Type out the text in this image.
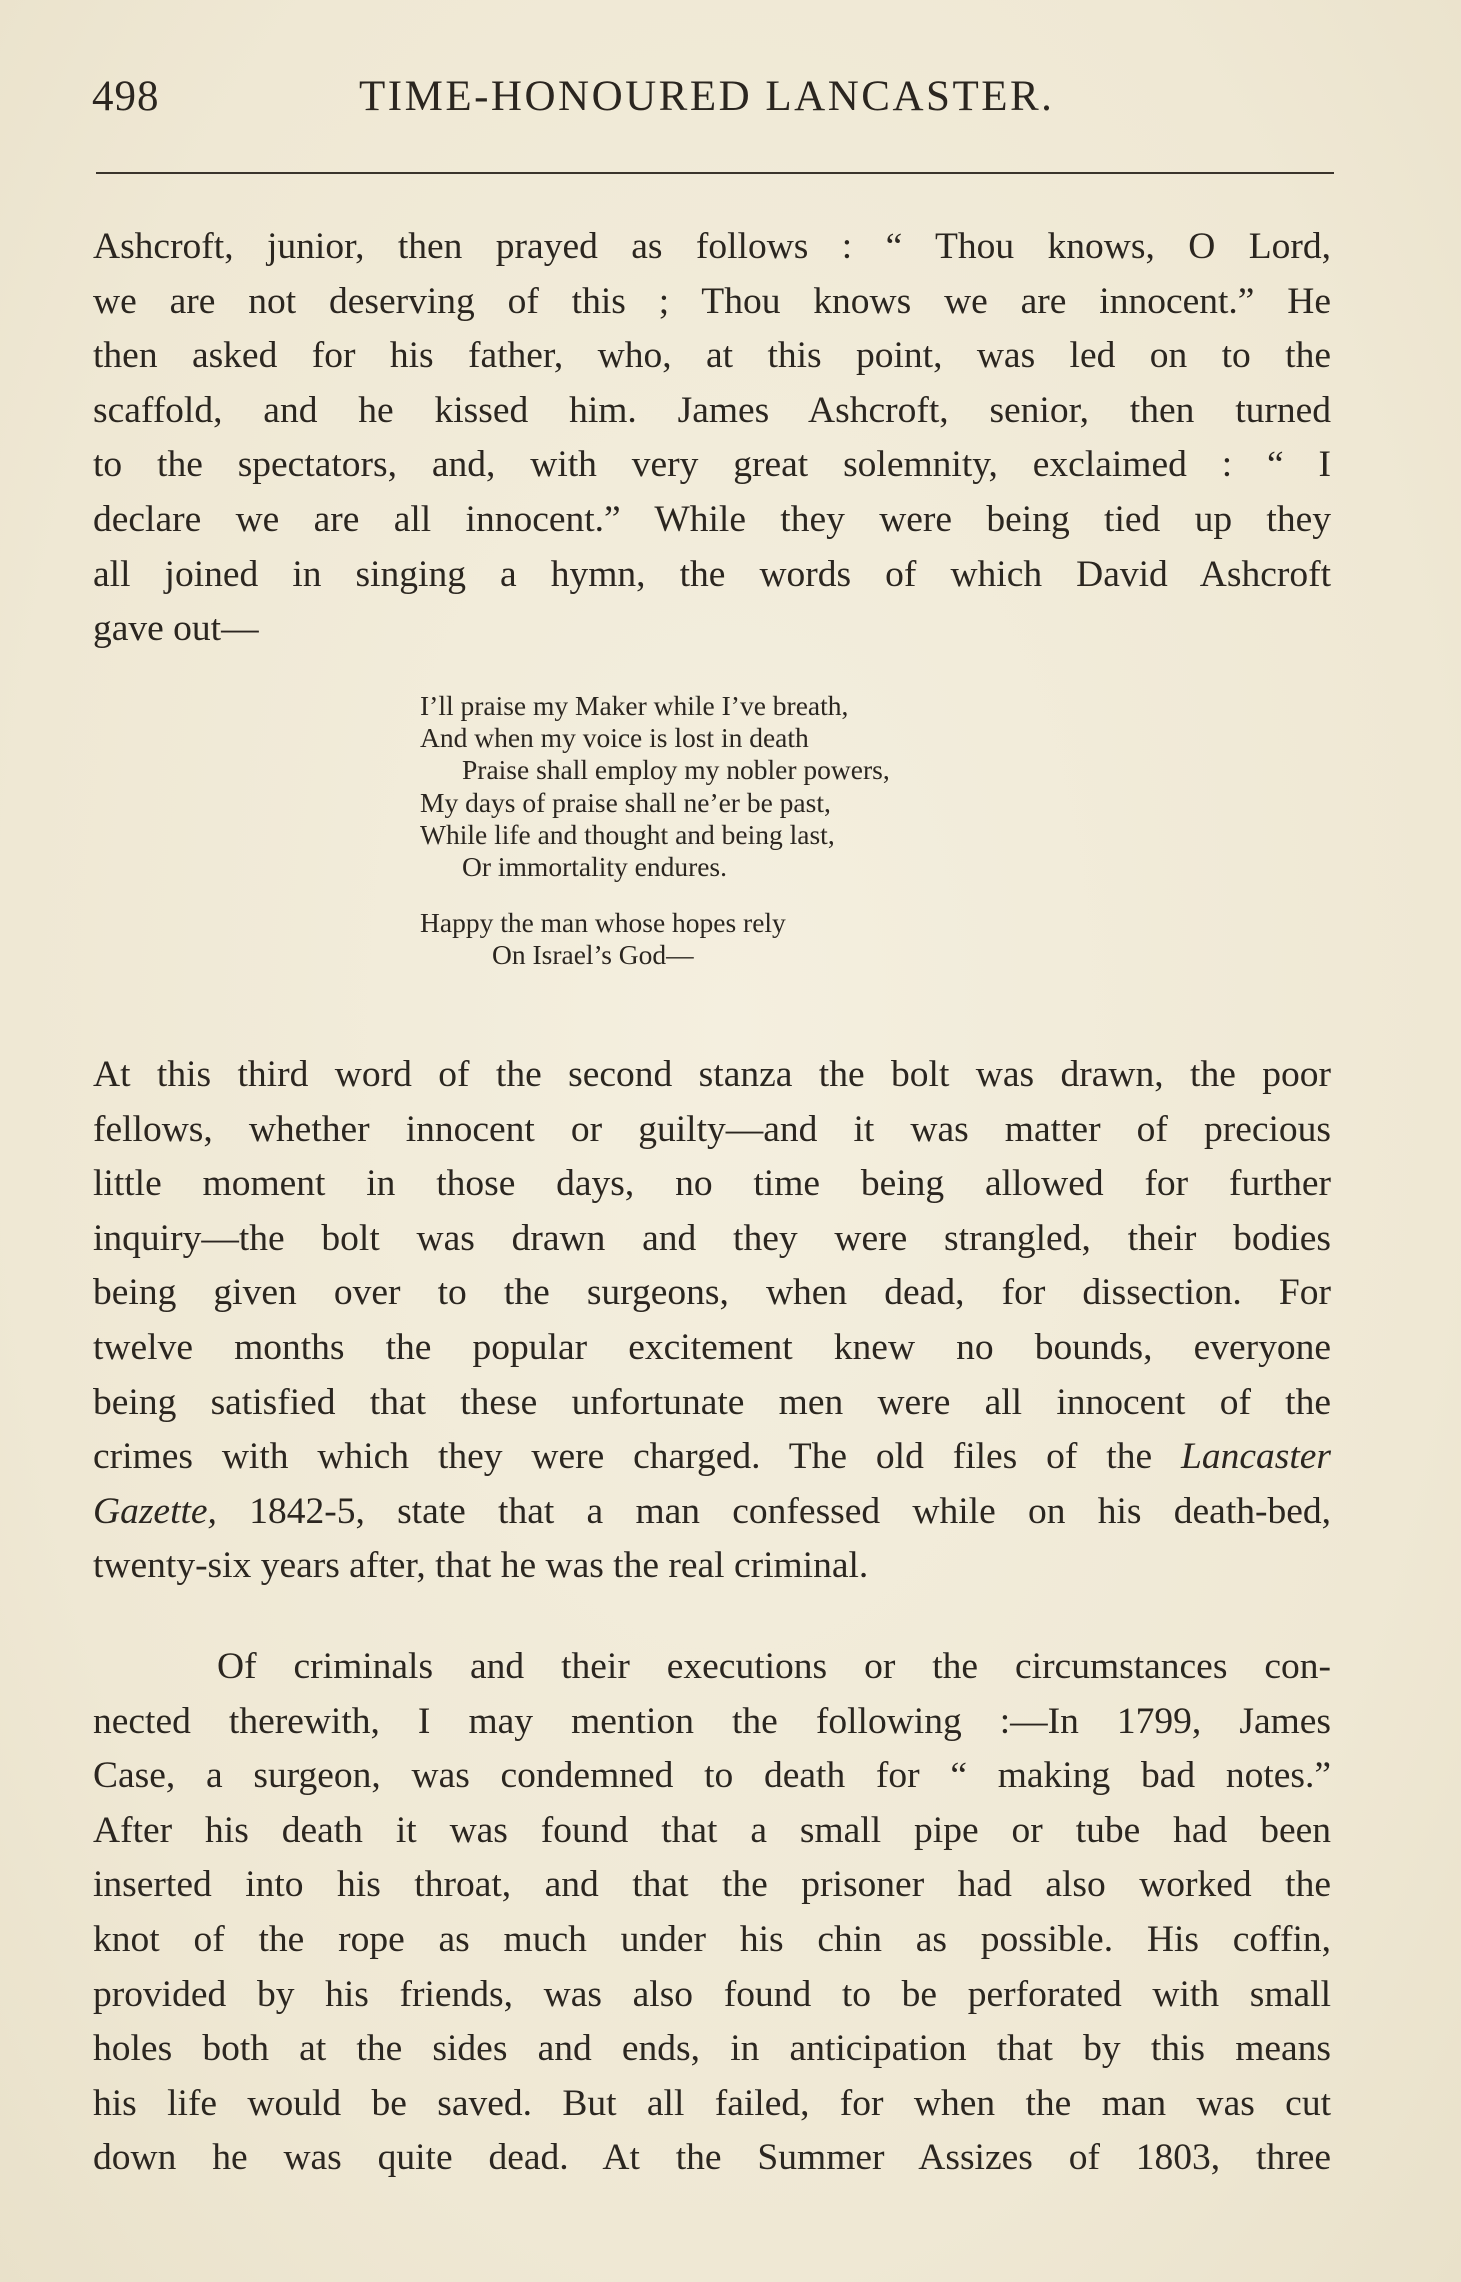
498	TIME-HONOURED LANCASTER.
Ashcroft, junior, then prayed as follows : “ Thou knows, O Lord,
we are not deserving of this ; Thou knows we are innocent.” He
then asked for his father, who, at this point, was led on to the
scaffold, and he kissed him. James Ashcroft, senior, then turned
to the spectators, and, with very great solemnity, exclaimed : “ I
declare we are all innocent.” While they were being tied up they
all joined in singing a hymn, the words of which David Ashcroft
gave out—
I’ll praise my Maker while I’ve breath,
And when my voice is lost in death
Praise shall employ my nobler powers,
My days of praise shall ne’er be past,
While life and thought and being last,
Or immortality endures.
Happy the man whose hopes rely
On Israel’s God—
At this third word of the second stanza the bolt was drawn, the poor
fellows, whether innocent or guilty—and it was matter of precious
little moment in those days, no time being allowed for further
inquiry—the bolt was drawn and they were strangled, their bodies
being given over to the surgeons, when dead, for dissection. For
twelve months the popular excitement knew no bounds, everyone
being satisfied that these unfortunate men were all innocent of the
crimes with which they were charged. The old files of the Lancaster
Gazette, 1842-5, state that a man confessed while on his death-bed,
twenty-six years after, that he was the real criminal.
Of criminals and their executions or the circumstances con-
nected therewith, I may mention the following :—In 1799, James
Case, a surgeon, was condemned to death for “ making bad notes.”
After his death it was found that a small pipe or tube had been
inserted into his throat, and that the prisoner had also worked the
knot of the rope as much under his chin as possible. His coffin,
provided by his friends, was also found to be perforated with small
holes both at the sides and ends, in anticipation that by this means
his life would be saved. But all failed, for when the man was cut
down he was quite dead. At the Summer Assizes of 1803, three
